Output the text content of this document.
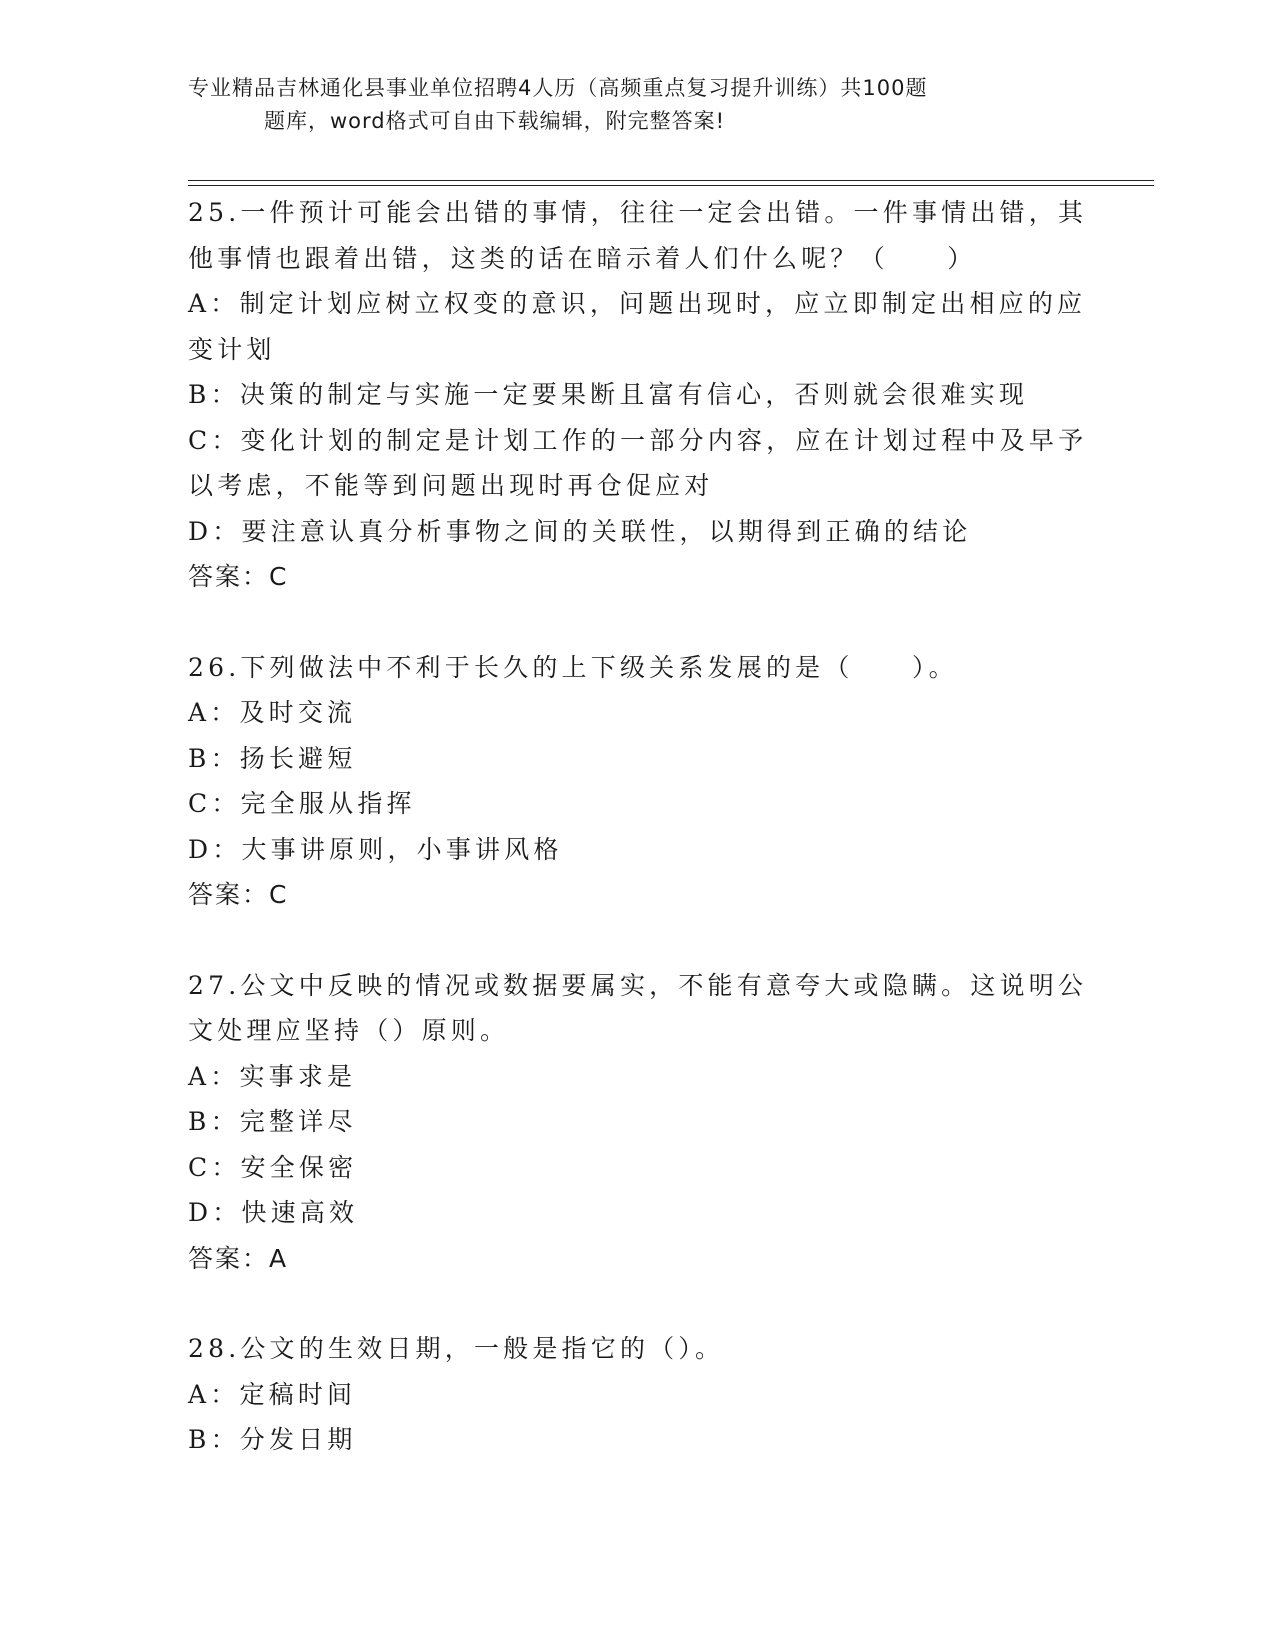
专业精品吉林通化县事业单位招聘4人历（高频重点复习提升训练）共100题
题库，word格式可自由下载编辑，附完整答案!
25.一件预计可能会出错的事情，往往一定会出错。一件事情出错，其他事情也跟着出错，这类的话在暗示着人们什么呢？（　　）
A：制定计划应树立权变的意识，问题出现时，应立即制定出相应的应变计划
B：决策的制定与实施一定要果断且富有信心，否则就会很难实现
C：变化计划的制定是计划工作的一部分内容，应在计划过程中及早予以考虑，不能等到问题出现时再仓促应对
D：要注意认真分析事物之间的关联性，以期得到正确的结论
答案：C
26.下列做法中不利于长久的上下级关系发展的是（　　）。
A：及时交流
B：扬长避短
C：完全服从指挥
D：大事讲原则，小事讲风格
答案：C
27.公文中反映的情况或数据要属实，不能有意夸大或隐瞒。这说明公文处理应坚持（）原则。
A：实事求是
B：完整详尽
C：安全保密
D：快速高效
答案：A
28.公文的生效日期，一般是指它的（）。
A：定稿时间
B：分发日期
